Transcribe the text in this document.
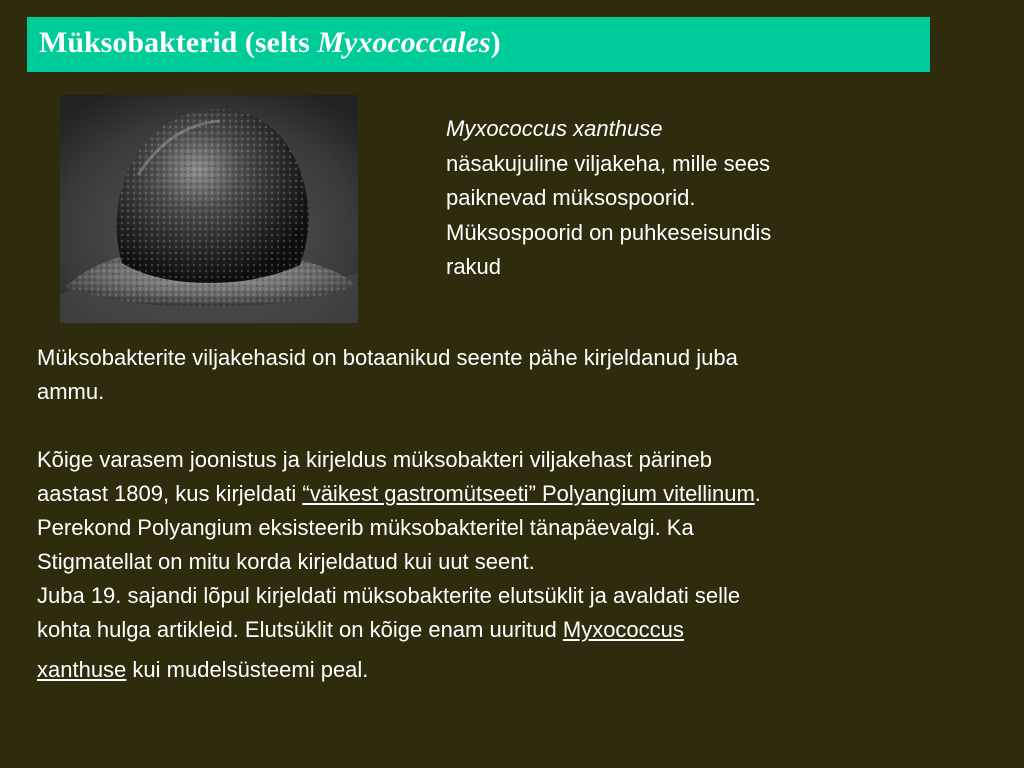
Müksobakterid (selts Myxococcales)
Myxococcus xanthuse
näsakujuline viljakeha, mille sees
paiknevad müksospoorid.
Müksospoorid on puhkeseisundis
rakud
Müksobakterite viljakehasid on botaanikud seente pähe kirjeldanud juba
ammu.
Kõige varasem joonistus ja kirjeldus müksobakteri viljakehast pärineb
aastast 1809, kus kirjeldati “väikest gastromütseeti” Polyangium vitellinum.
Perekond Polyangium eksisteerib müksobakteritel tänapäevalgi. Ka
Stigmatellat on mitu korda kirjeldatud kui uut seent.
Juba 19. sajandi lõpul kirjeldati müksobakterite elutsüklit ja avaldati selle
kohta hulga artikleid. Elutsüklit on kõige enam uuritud Myxococcus
xanthuse kui mudelsüsteemi peal.
